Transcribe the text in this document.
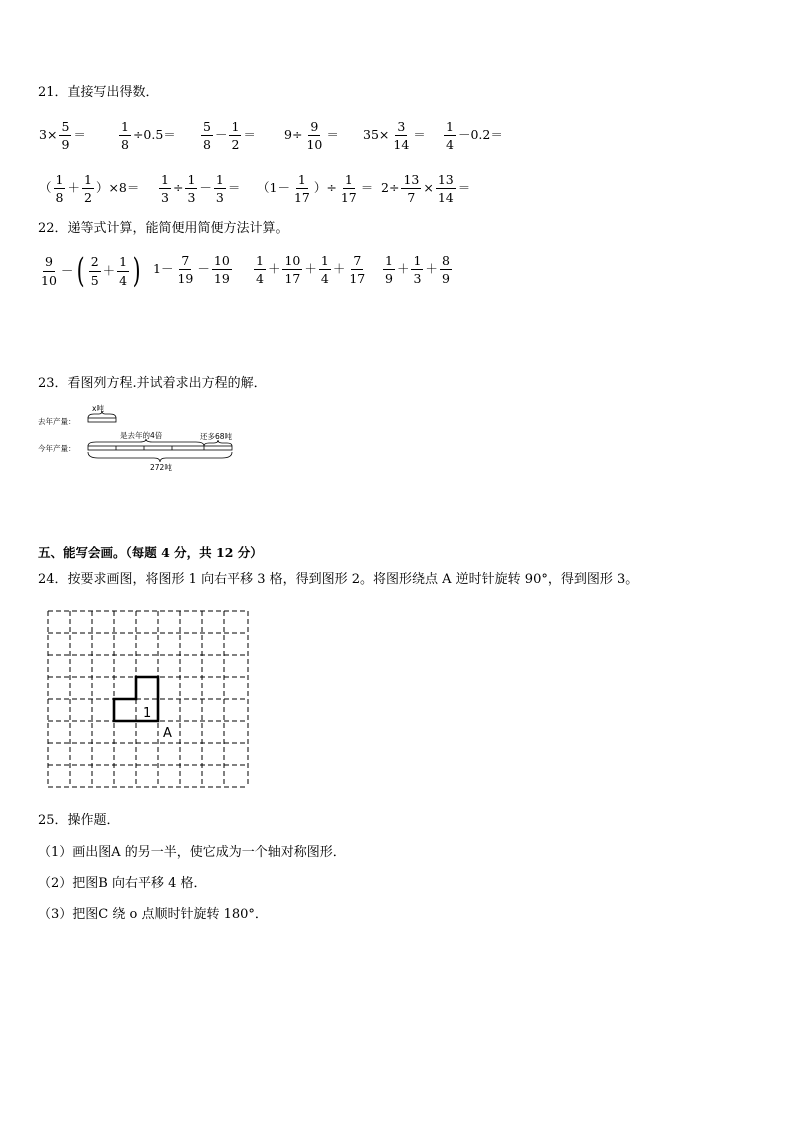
21．直接写出得数．
$3\times \frac{5}{9}$ ＝	$\frac{1}{8} \div 0.5= \frac{5}{8} - \frac{1}{2} = 9\div \frac{9}{10} = 35\times \frac{3}{14} = \frac{1}{4} -0.2=$
（ $\frac{1}{8} + \frac{1}{2} )\times 8= \frac{1}{3} \div \frac{1}{3} - \frac{1}{3} = (1- \frac{1}{17}$ ）÷ $\frac{1}{17} = 2\div \frac{13}{7} \times \frac{13}{14}$ ＝
22．递等式计算，能简便用简便方法计算。
$\frac{9}{10}$ － ( $\frac{2}{5} + \frac{1}{4}$ ) $1- \frac{7}{19} - \frac{10}{19} \frac{1}{4} + \frac{10}{17} + \frac{1}{4} + \frac{7}{17} \frac{1}{9} + \frac{1}{3} + \frac{8}{9}$
23．看图列方程.并试着求出方程的解．
去年产量：
x吨
今年产量：
是去年的4倍	还多68吨
272吨
五、能写会画。（每题 4 分，共 12 分）
24．按要求画图，将图形 1 向右平移 3 格，得到图形 2。将图形绕点 A 逆时针旋转 90°，得到图形 3。
1
A
25．操作题．
（1）画出图A 的另一半，使它成为一个轴对称图形．
（2）把图B 向右平移 4 格．
（3）把图C 绕 o 点顺时针旋转 180°．
